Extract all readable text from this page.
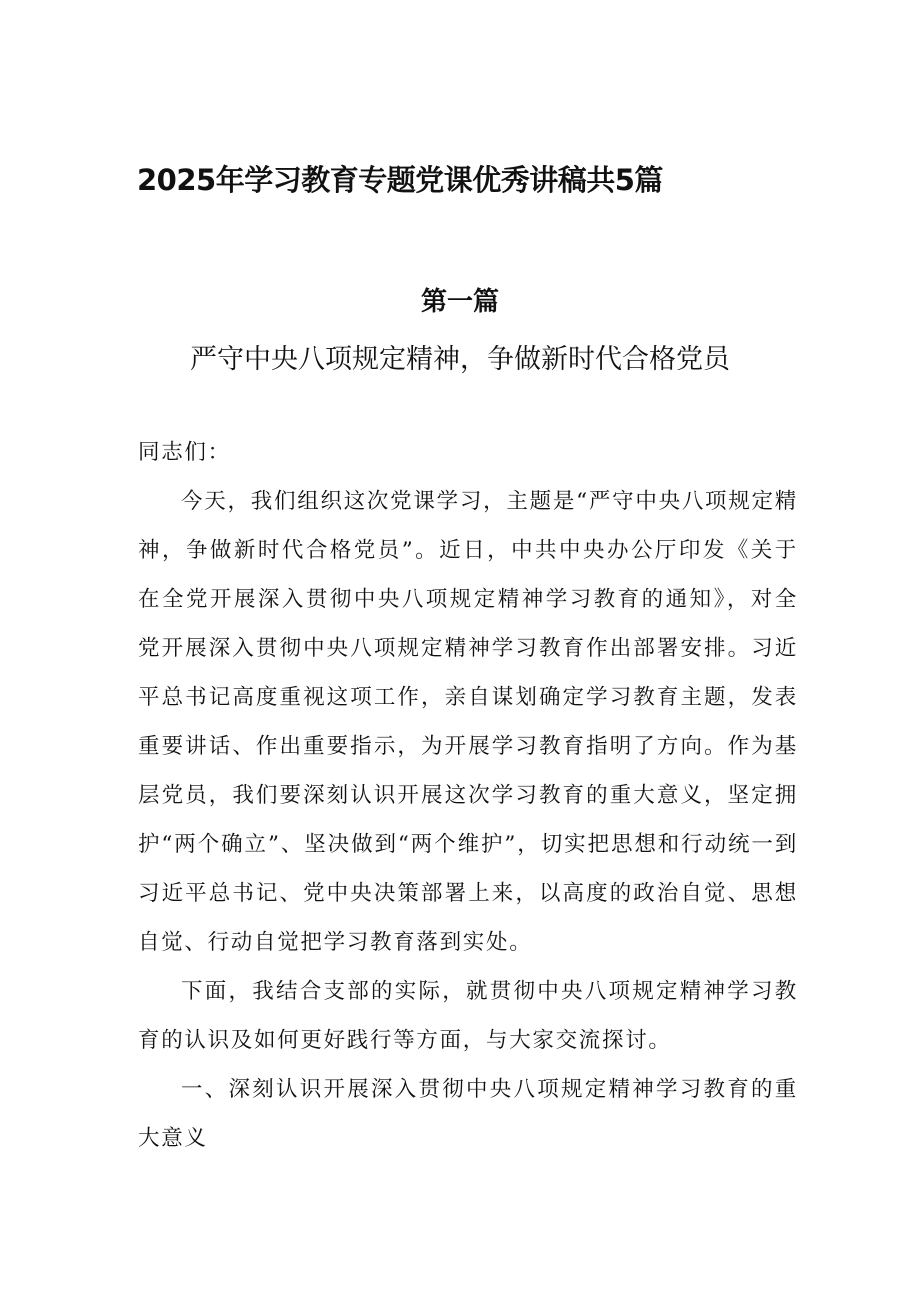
2025年学习教育专题党课优秀讲稿共5篇
第一篇
严守中央八项规定精神，争做新时代合格党员

同志们：

今天，我们组织这次党课学习，主题是“严守中央八项规定精神，争做新时代合格党员”。近日，中共中央办公厅印发《关于在全党开展深入贯彻中央八项规定精神学习教育的通知》，对全党开展深入贯彻中央八项规定精神学习教育作出部署安排。习近平总书记高度重视这项工作，亲自谋划确定学习教育主题，发表重要讲话、作出重要指示，为开展学习教育指明了方向。作为基层党员，我们要深刻认识开展这次学习教育的重大意义，坚定拥护“两个确立”、坚决做到“两个维护”，切实把思想和行动统一到习近平总书记、党中央决策部署上来，以高度的政治自觉、思想自觉、行动自觉把学习教育落到实处。

下面，我结合支部的实际，就贯彻中央八项规定精神学习教育的认识及如何更好践行等方面，与大家交流探讨。

一、深刻认识开展深入贯彻中央八项规定精神学习教育的重大意义
